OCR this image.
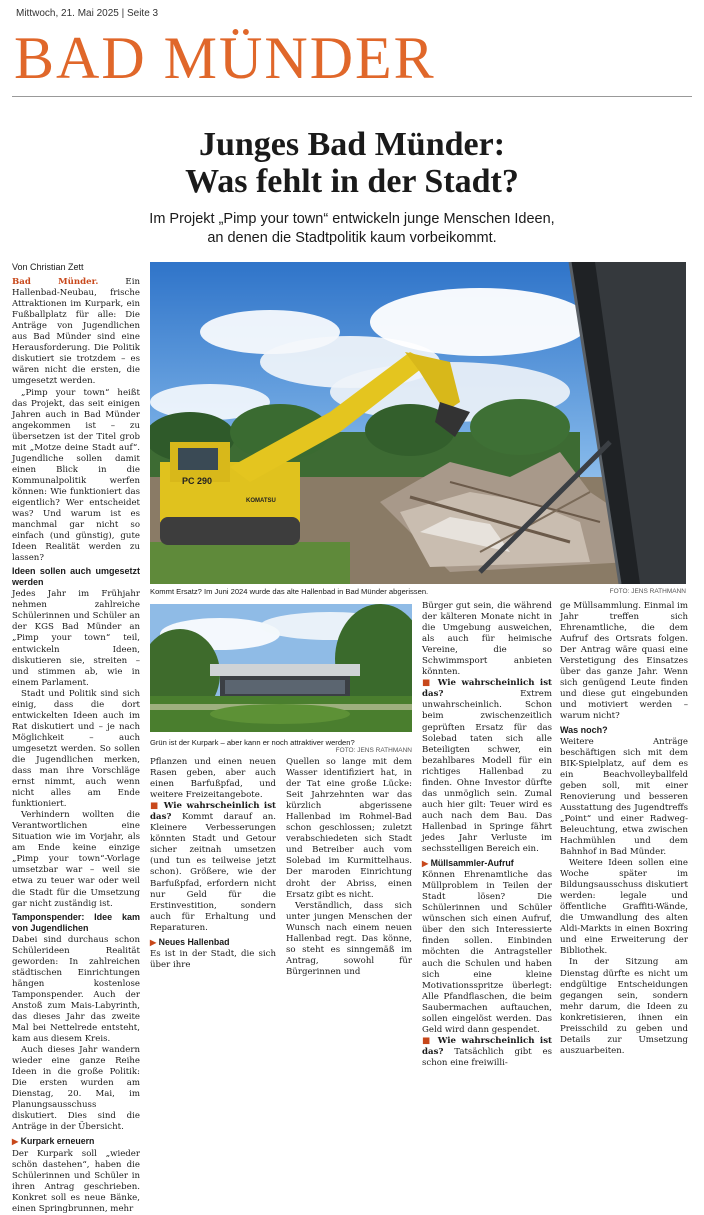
Mittwoch, 21. Mai 2025 | Seite 3
BAD MÜNDER
Junges Bad Münder:
Was fehlt in der Stadt?

Im Projekt „Pimp your town“ entwickeln junge Menschen Ideen,
an denen die Stadtpolitik kaum vorbeikommt.

Von Christian Zett

Bad Münder. Ein Hallenbad-Neubau, frische Attraktionen im Kurpark, ein Fußballplatz für alle: Die Anträge von Jugendlichen aus Bad Münder sind eine Herausforderung. Die Politik diskutiert sie trotzdem – es wären nicht die ersten, die umgesetzt werden.

„Pimp your town“ heißt das Projekt, das seit einigen Jahren auch in Bad Münder angekommen ist – zu übersetzen ist der Titel grob mit „Motze deine Stadt auf“. Jugendliche sollen damit einen Blick in die Kommunalpolitik werfen können: Wie funktioniert das eigentlich? Wer entscheidet was? Und warum ist es manchmal gar nicht so einfach (und günstig), gute Ideen Realität werden zu lassen?

Ideen sollen auch umgesetzt werden

Jedes Jahr im Frühjahr nehmen zahlreiche Schülerinnen und Schüler an der KGS Bad Münder an „Pimp your town“ teil, entwickeln Ideen, diskutieren sie, streiten – und stimmen ab, wie in einem Parlament.

Stadt und Politik sind sich einig, dass die dort entwickelten Ideen auch im Rat diskutiert und – je nach Möglichkeit – auch umgesetzt werden. So sollen die Jugendlichen merken, dass man ihre Vorschläge ernst nimmt, auch wenn nicht alles am Ende funktioniert.

Verhindern wollten die Verantwortlichen eine Situation wie im Vorjahr, als am Ende keine einzige „Pimp your town“-Vorlage umsetzbar war – weil sie etwa zu teuer war oder weil die Stadt für die Umsetzung gar nicht zuständig ist.

Tamponspender: Idee kam von Jugendlichen

Dabei sind durchaus schon Schülerideen Realität geworden: In zahlreichen städtischen Einrichtungen hängen kostenlose Tamponspender. Auch der Anstoß zum Mais-Labyrinth, das dieses Jahr das zweite Mal bei Nettelrede entsteht, kam aus diesem Kreis.

Auch dieses Jahr wandern wieder eine ganze Reihe Ideen in die große Politik: Die ersten wurden am Dienstag, 20. Mai, im Planungsausschuss diskutiert. Dies sind die Anträge in der Übersicht.

▶ Kurpark erneuern

Der Kurpark soll „wieder schön dastehen“, haben die Schülerinnen und Schüler in ihren Antrag geschrieben. Konkret soll es neue Bänke, einen Springbrunnen, mehr

PC 290
KOMATSU
Kommt Ersatz? Im Juni 2024 wurde das alte Hallenbad in Bad Münder abgerissen.	FOTO: JENS RATHMANN
Grün ist der Kurpark – aber kann er noch attraktiver werden?
FOTO: JENS RATHMANN

Pflanzen und einen neuen Rasen geben, aber auch einen Barfußpfad, und weitere Freizeitangebote.

■ Wie wahrscheinlich ist das? Kommt darauf an. Kleinere Verbesserungen könnten Stadt und Getour sicher zeitnah umsetzen (und tun es teilweise jetzt schon). Größere, wie der Barfußpfad, erfordern nicht nur Geld für die Erstinvestition, sondern auch für Erhaltung und Reparaturen.

▶ Neues Hallenbad

Es ist in der Stadt, die sich über ihre

Quellen so lange mit dem Wasser identifiziert hat, in der Tat eine große Lücke: Seit Jahrzehnten war das kürzlich abgerissene Hallenbad im Rohmel-Bad schon geschlossen; zuletzt verabschiedeten sich Stadt und Betreiber auch vom Solebad im Kurmittelhaus. Der maroden Einrichtung droht der Abriss, einen Ersatz gibt es nicht.

Verständlich, dass sich unter jungen Menschen der Wunsch nach einem neuen Hallenbad regt. Das könne, so steht es sinngemäß im Antrag, sowohl für Bürgerinnen und

Bürger gut sein, die während der kälteren Monate nicht in die Umgebung ausweichen, als auch für heimische Vereine, die so Schwimmsport anbieten könnten.

■ Wie wahrscheinlich ist das? Extrem unwahrscheinlich. Schon beim zwischenzeitlich geprüften Ersatz für das Solebad taten sich alle Beteiligten schwer, ein bezahlbares Modell für ein richtiges Hallenbad zu finden. Ohne Investor dürfte das unmöglich sein. Zumal auch hier gilt: Teuer wird es auch nach dem Bau. Das Hallenbad in Springe fährt jedes Jahr Verluste im sechsstelligen Bereich ein.

▶ Müllsammler-Aufruf

Können Ehrenamtliche das Müllproblem in Teilen der Stadt lösen? Die Schülerinnen und Schüler wünschen sich einen Aufruf, über den sich Interessierte finden sollen. Einbinden möchten die Antragsteller auch die Schulen und haben sich eine kleine Motivationsspritze überlegt: Alle Pfandflaschen, die beim Saubermachen auftauchen, sollen eingelöst werden. Das Geld wird dann gespendet.

■ Wie wahrscheinlich ist das? Tatsächlich gibt es schon eine freiwilli-

ge Müllsammlung. Einmal im Jahr treffen sich Ehrenamtliche, die dem Aufruf des Ortsrats folgen. Der Antrag wäre quasi eine Verstetigung des Einsatzes über das ganze Jahr. Wenn sich genügend Leute finden und diese gut eingebunden und motiviert werden – warum nicht?

Was noch?

Weitere Anträge beschäftigen sich mit dem BIK-Spielplatz, auf dem es ein Beachvolleyballfeld geben soll, mit einer Renovierung und besseren Ausstattung des Jugendtreffs „Point“ und einer Radweg-Beleuchtung, etwa zwischen Hachmühlen und dem Bahnhof in Bad Münder.

Weitere Ideen sollen eine Woche später im Bildungsausschuss diskutiert werden: legale und öffentliche Graffiti-Wände, die Umwandlung des alten Aldi-Markts in einen Boxring und eine Erweiterung der Bibliothek.

In der Sitzung am Dienstag dürfte es nicht um endgültige Entscheidungen gegangen sein, sondern mehr darum, die Ideen zu konkretisieren, ihnen ein Preisschild zu geben und Details zur Umsetzung auszuarbeiten.
